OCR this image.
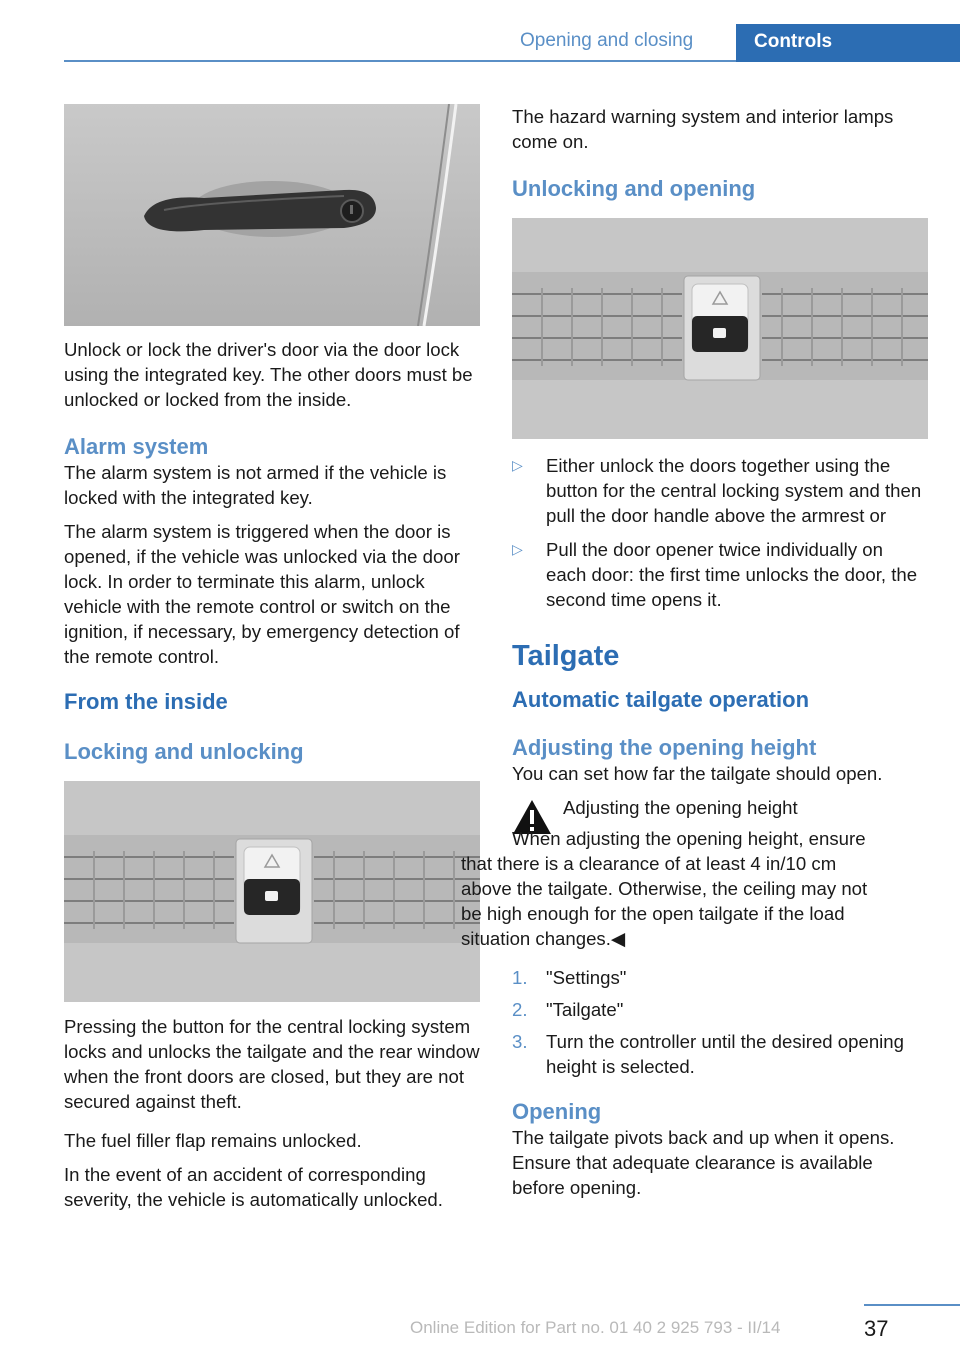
Opening and closing	Controls

Unlock or lock the driver's door via the door lock using the integrated key. The other doors must be unlocked or locked from the inside.

Alarm system

The alarm system is not armed if the vehicle is locked with the integrated key.

The alarm system is triggered when the door is opened, if the vehicle was unlocked via the door lock. In order to terminate this alarm, unlock vehicle with the remote control or switch on the ignition, if necessary, by emergency detection of the remote control.

From the inside
Locking and unlocking

Pressing the button for the central locking system locks and unlocks the tailgate and the rear window when the front doors are closed, but they are not secured against theft.

The fuel filler flap remains unlocked.

In the event of an accident of corresponding severity, the vehicle is automatically unlocked.

The hazard warning system and interior lamps come on.

Unlocking and opening
▷	Either unlock the doors together using the button for the central locking system and then pull the door handle above the armrest or
▷	Pull the door opener twice individually on each door: the first time unlocks the door, the second time opens it.
Tailgate
Automatic tailgate operation
Adjusting the opening height

You can set how far the tailgate should open.

Adjusting the opening height
When adjusting the opening height, ensure that there is a clearance of at least 4 in/10 cm above the tailgate. Otherwise, the ceiling may not be high enough for the open tailgate if the load situation changes.◀
1. "Settings"
2. "Tailgate"
3. Turn the controller until the desired opening height is selected.
Opening

The tailgate pivots back and up when it opens. Ensure that adequate clearance is available before opening.

37
Online Edition for Part no. 01 40 2 925 793 - II/14
